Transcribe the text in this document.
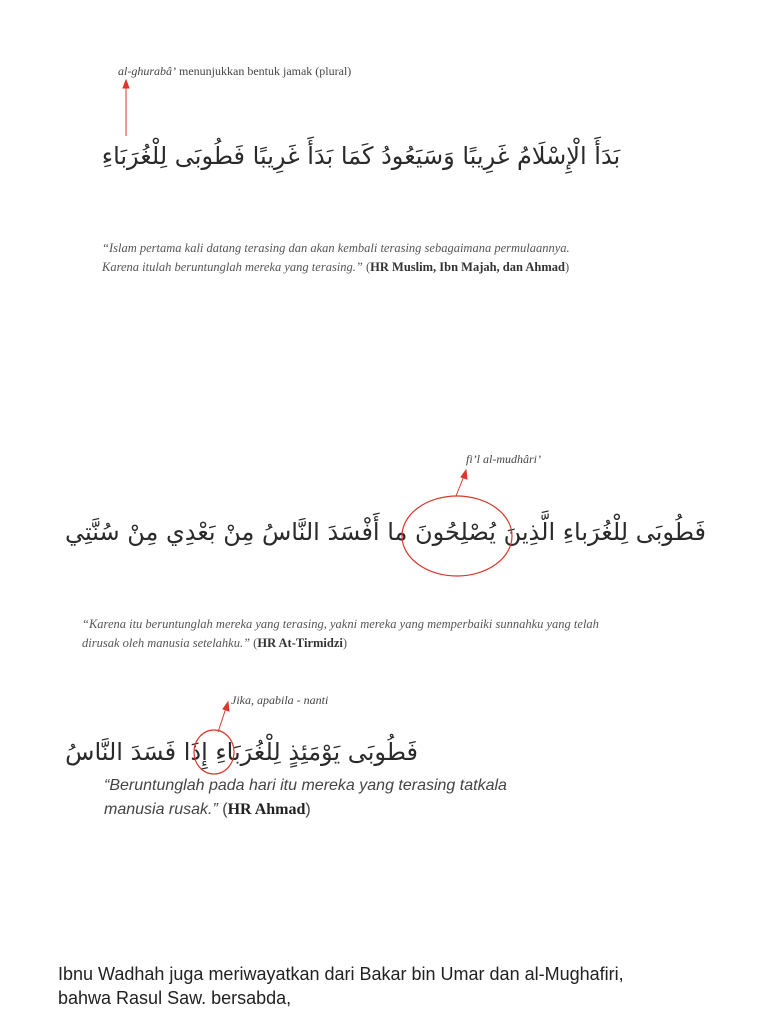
al-ghurabâ’ menunjukkan bentuk jamak (plural)
بَدَأَ الْإِسْلَامُ غَرِيبًا وَسَيَعُودُ كَمَا بَدَأَ غَرِيبًا فَطُوبَى لِلْغُرَبَاءِ
“Islam pertama kali datang terasing dan akan kembali terasing sebagaimana permulaannya.
Karena itulah beruntunglah mereka yang terasing.” (HR Muslim, Ibn Majah, dan Ahmad)
fi’l al-mudhâri’
فَطُوبَى لِلْغُرَباءِ الَّذِينَ يُصْلِحُونَ ما أَفْسَدَ النَّاسُ مِنْ بَعْدِي مِنْ سُنَّتِي
“Karena itu beruntunglah mereka yang terasing, yakni mereka yang memperbaiki sunnahku yang telah
dirusak oleh manusia setelahku.” (HR At-Tirmidzi)
Jika, apabila - nanti
فَطُوبَى يَوْمَئِذٍ لِلْغُرَبَاءِ إِذَا فَسَدَ النَّاسُ
“Beruntunglah pada hari itu mereka yang terasing tatkala
manusia rusak.” (HR Ahmad)
Ibnu Wadhah juga meriwayatkan dari Bakar bin Umar dan al-Mughafiri,
bahwa Rasul Saw. bersabda,
